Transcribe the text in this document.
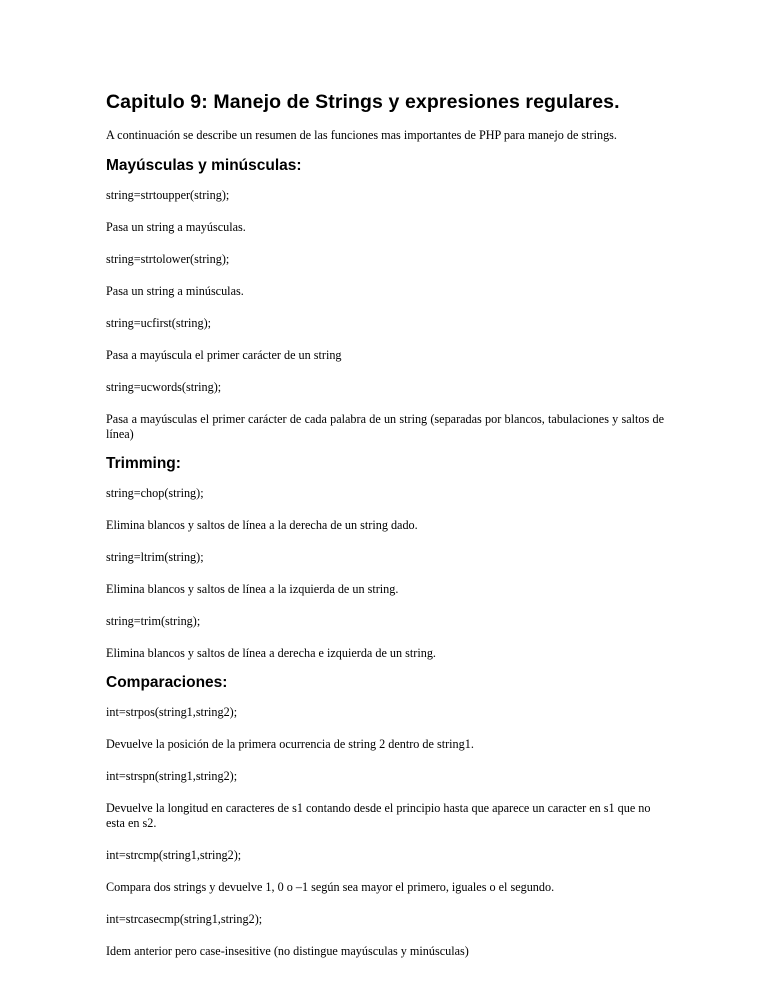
Capitulo 9: Manejo de Strings y expresiones regulares.

A continuación se describe un resumen de las funciones mas importantes de PHP para manejo de strings.

Mayúsculas y minúsculas:

string=strtoupper(string);

Pasa un string a mayúsculas.

string=strtolower(string);

Pasa un string a minúsculas.

string=ucfirst(string);

Pasa a mayúscula el primer carácter de un string

string=ucwords(string);

Pasa a mayúsculas el primer carácter de cada palabra de un string (separadas por blancos, tabulaciones y saltos de línea)

Trimming:

string=chop(string);

Elimina blancos y saltos de línea a la derecha de un string dado.

string=ltrim(string);

Elimina blancos y saltos de línea a la izquierda de un string.

string=trim(string);

Elimina blancos y saltos de línea a derecha e izquierda de un string.

Comparaciones:

int=strpos(string1,string2);

Devuelve la posición de la primera ocurrencia de string 2 dentro de string1.

int=strspn(string1,string2);

Devuelve la longitud en caracteres de s1 contando desde el principio hasta que aparece un caracter en s1 que no esta en s2.

int=strcmp(string1,string2);

Compara dos strings y devuelve 1, 0 o –1 según sea mayor el primero, iguales o el segundo.

int=strcasecmp(string1,string2);

Idem anterior pero case-insesitive (no distingue mayúsculas y minúsculas)
